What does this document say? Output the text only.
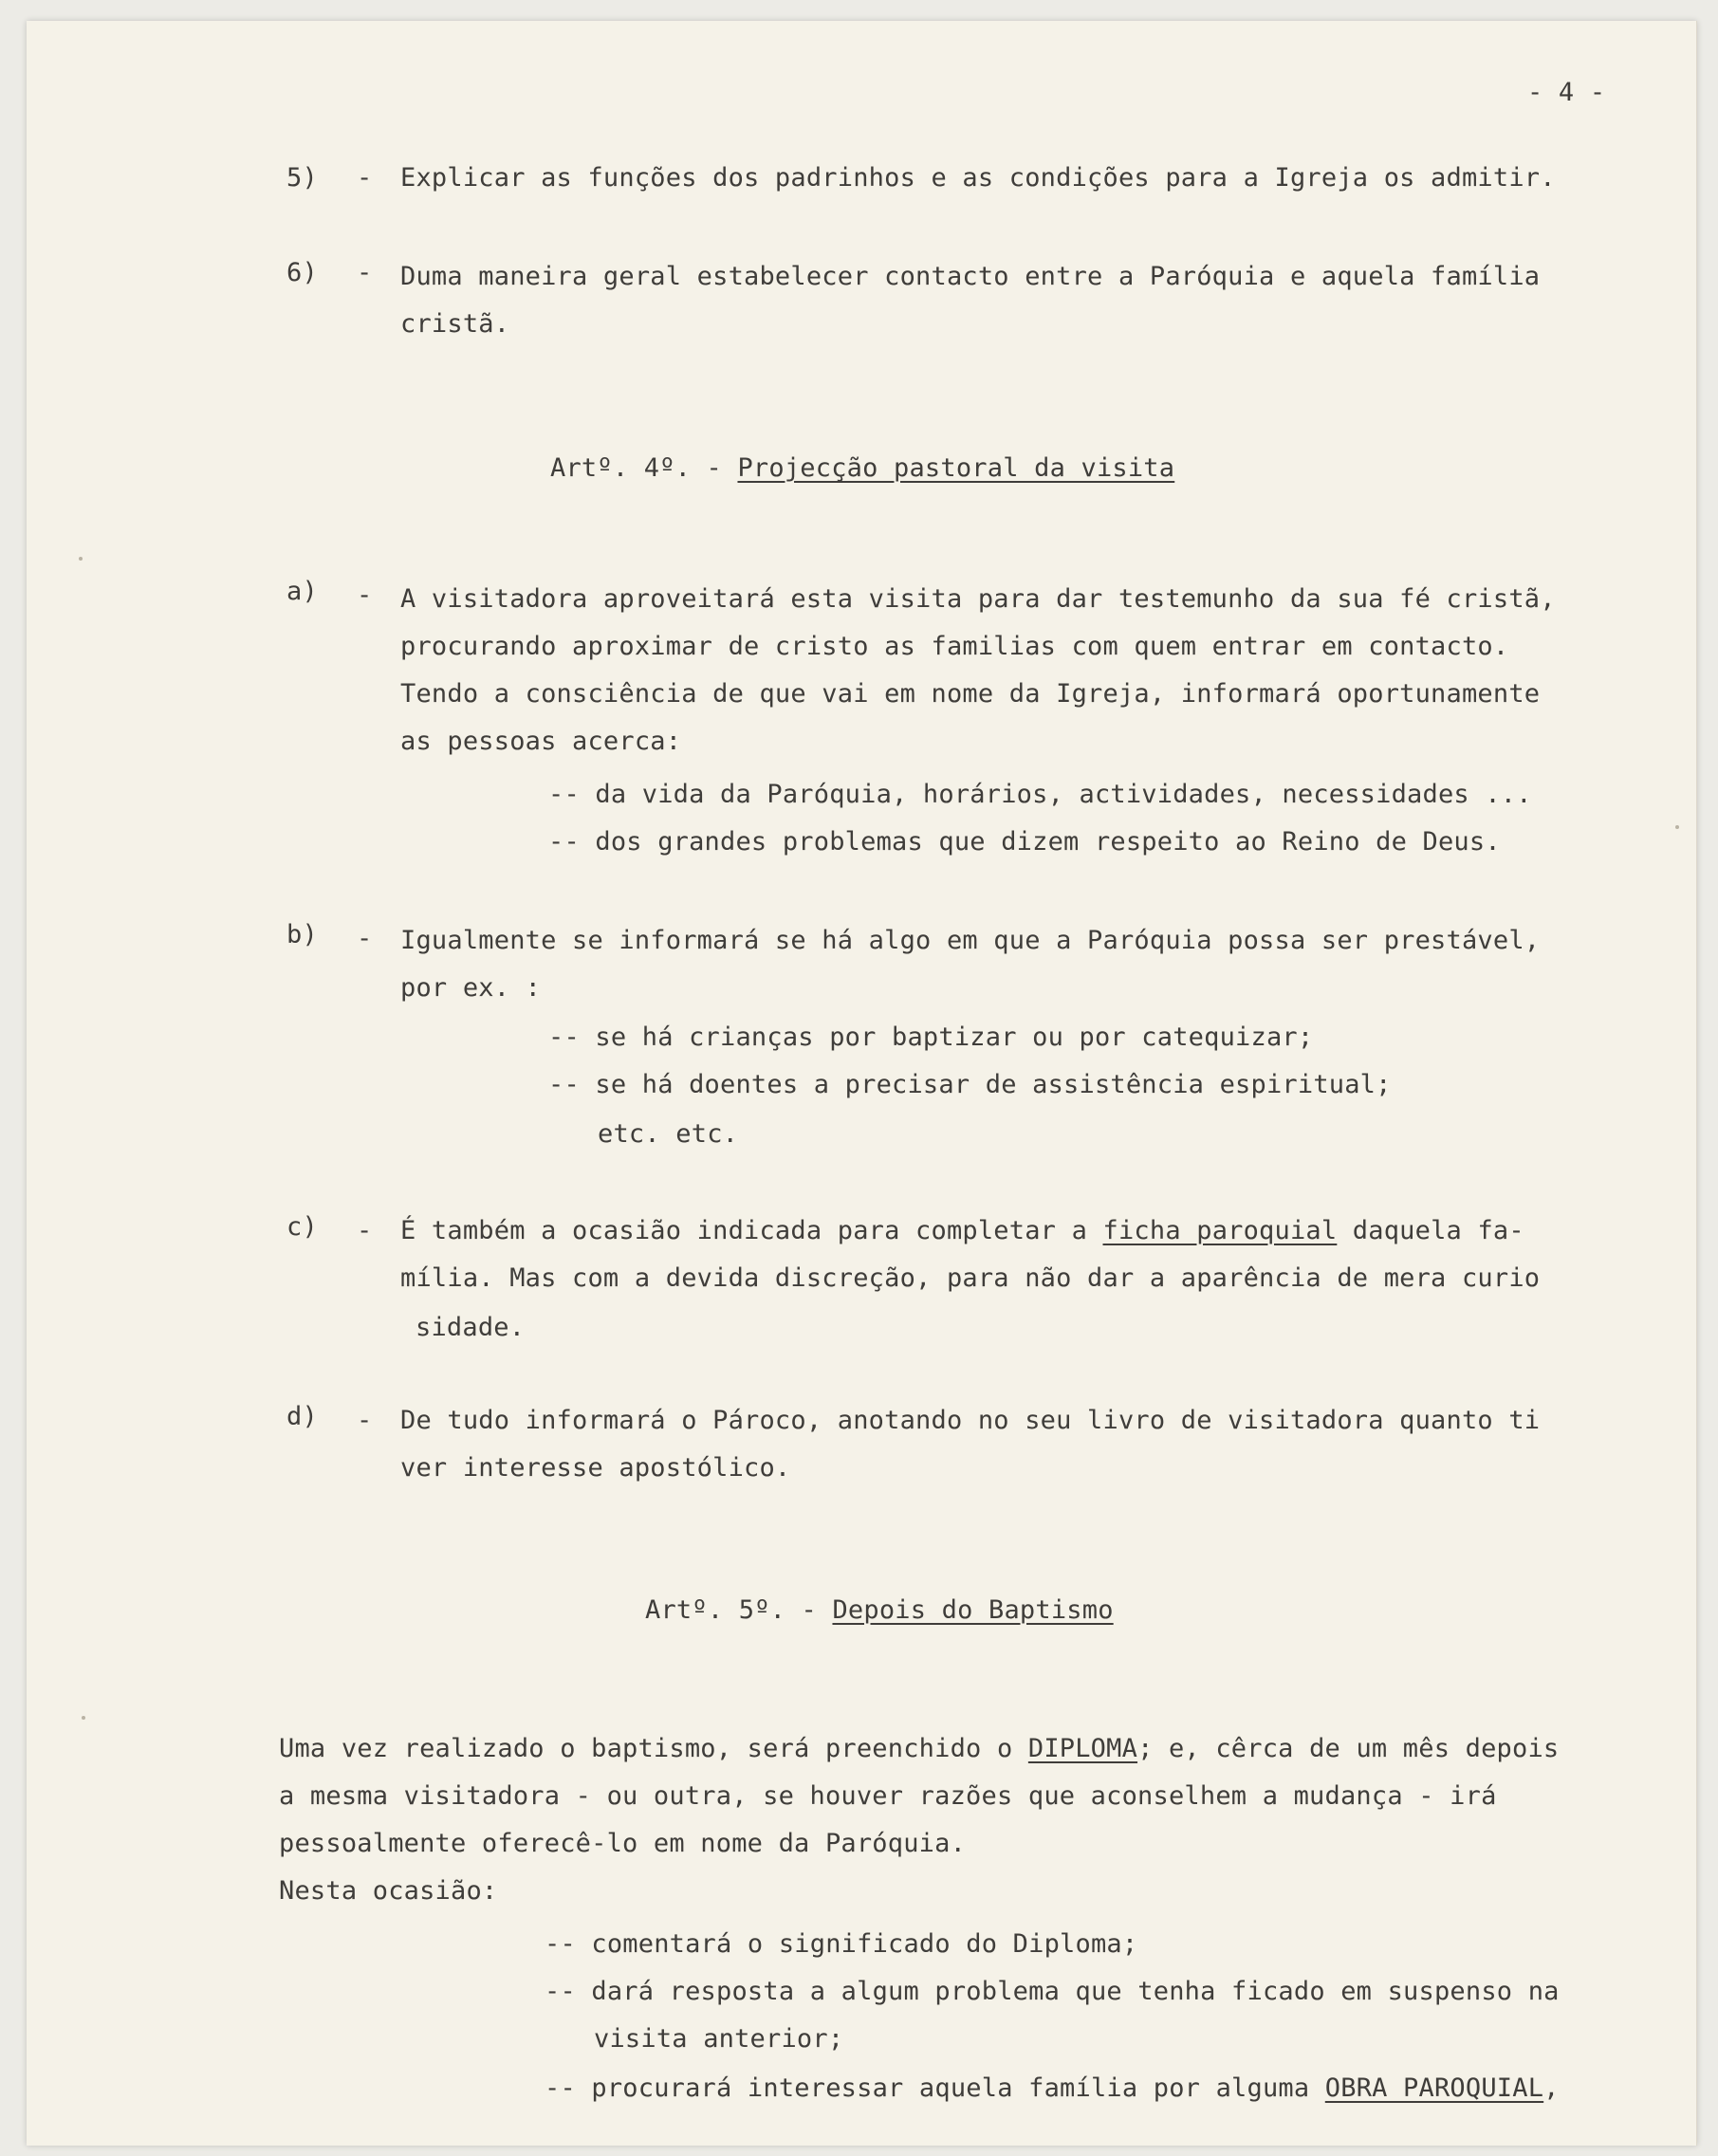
- 4 -
5) - Explicar as funções dos padrinhos e as condições para a Igreja os admitir.
6) - Duma maneira geral estabelecer contacto entre a Paróquia e aquela família
cristã.
Artº. 4º. - Projecção pastoral da visita
a) - A visitadora aproveitará esta visita para dar testemunho da sua fé cristã,
procurando aproximar de cristo as familias com quem entrar em contacto.
Tendo a consciência de que vai em nome da Igreja, informará oportunamente
as pessoas acerca:
-- da vida da Paróquia, horários, actividades, necessidades ...
-- dos grandes problemas que dizem respeito ao Reino de Deus.
b) - Igualmente se informará se há algo em que a Paróquia possa ser prestável,
por ex. :
-- se há crianças por baptizar ou por catequizar;
-- se há doentes a precisar de assistência espiritual;
etc. etc.
c) - É também a ocasião indicada para completar a ficha paroquial daquela fa-
mília. Mas com a devida discreção, para não dar a aparência de mera curio
sidade.
d) - De tudo informará o Pároco, anotando no seu livro de visitadora quanto ti
ver interesse apostólico.
Artº. 5º. - Depois do Baptismo
Uma vez realizado o baptismo, será preenchido o DIPLOMA; e, cêrca de um mês depois
a mesma visitadora - ou outra, se houver razões que aconselhem a mudança - irá
pessoalmente oferecê-lo em nome da Paróquia.
Nesta ocasião:
-- comentará o significado do Diploma;
-- dará resposta a algum problema que tenha ficado em suspenso na
visita anterior;
-- procurará interessar aquela família por alguma OBRA PAROQUIAL,
